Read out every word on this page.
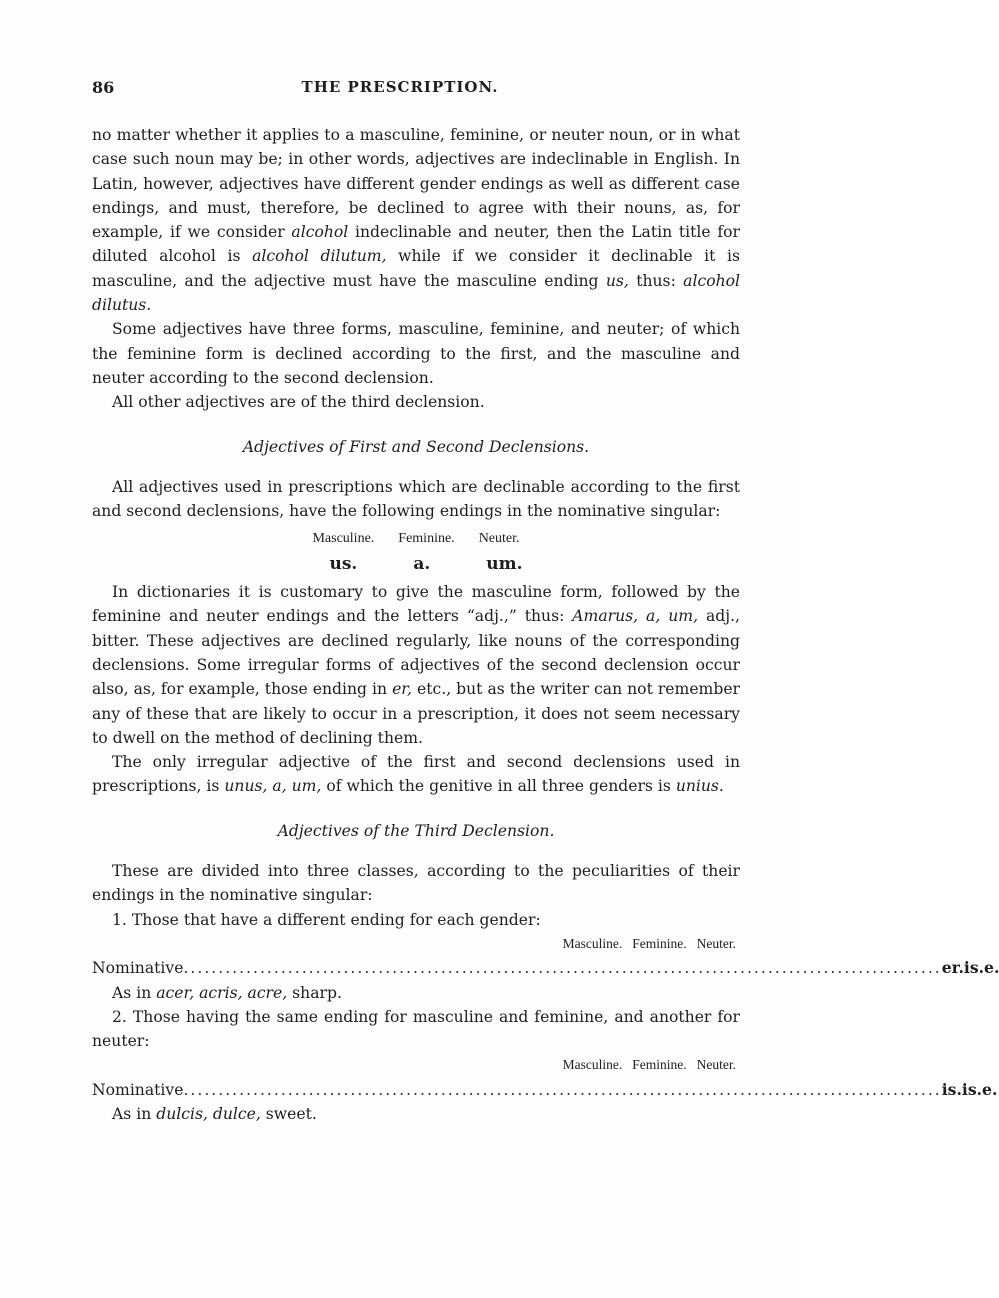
86	THE PRESCRIPTION.

no matter whether it applies to a masculine, feminine, or neuter noun, or in what case such noun may be; in other words, adjectives are indeclinable in English. In Latin, however, adjectives have different gender endings as well as different case endings, and must, therefore, be declined to agree with their nouns, as, for example, if we consider alcohol indeclinable and neuter, then the Latin title for diluted alcohol is alcohol dilutum, while if we consider it declinable it is masculine, and the adjective must have the masculine ending us, thus: alcohol dilutus.

Some adjectives have three forms, masculine, feminine, and neuter; of which the feminine form is declined according to the first, and the masculine and neuter according to the second declension.

All other adjectives are of the third declension.

Adjectives of First and Second Declensions.

All adjectives used in prescriptions which are declinable according to the first and second declensions, have the following endings in the nominative singular:

Masculine. Feminine. Neuter.
us.	a.	um.

In dictionaries it is customary to give the masculine form, followed by the feminine and neuter endings and the letters “adj.,” thus: Amarus, a, um, adj., bitter. These adjectives are declined regularly, like nouns of the corresponding declensions. Some irregular forms of adjectives of the second declension occur also, as, for example, those ending in er, etc., but as the writer can not remember any of these that are likely to occur in a prescription, it does not seem necessary to dwell on the method of declining them.

The only irregular adjective of the first and second declensions used in prescriptions, is unus, a, um, of which the genitive in all three genders is unius.

Adjectives of the Third Declension.

These are divided into three classes, according to the peculiarities of their endings in the nominative singular:

1. Those that have a different ending for each gender:

Masculine. Feminine. Neuter.
Nominative ............................................................................................................. er. is. e.

As in acer, acris, acre, sharp.

2. Those having the same ending for masculine and feminine, and another for neuter:

Masculine. Feminine. Neuter.
Nominative ............................................................................................................. is. is. e.

As in dulcis, dulce, sweet.
